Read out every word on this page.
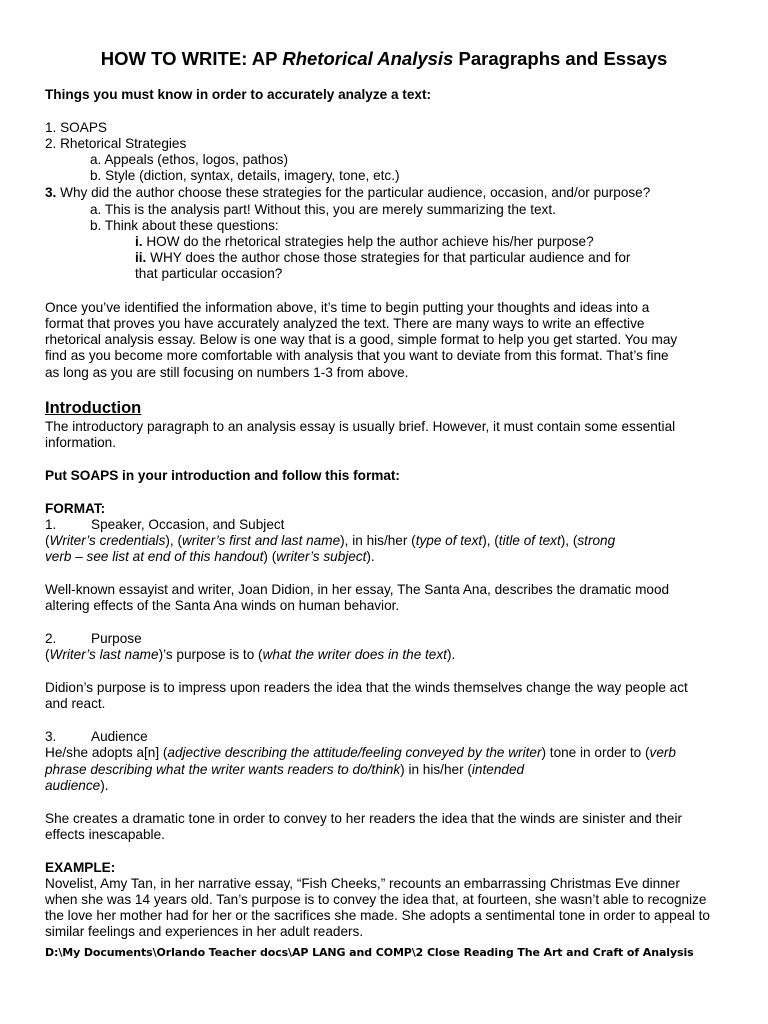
HOW TO WRITE: AP Rhetorical Analysis Paragraphs and Essays
Things you must know in order to accurately analyze a text:
1. SOAPS
2. Rhetorical Strategies
a. Appeals (ethos, logos, pathos)
b. Style (diction, syntax, details, imagery, tone, etc.)
3. Why did the author choose these strategies for the particular audience, occasion, and/or purpose?
a. This is the analysis part! Without this, you are merely summarizing the text.
b. Think about these questions:
i. HOW do the rhetorical strategies help the author achieve his/her purpose?
ii. WHY does the author chose those strategies for that particular audience and for
that particular occasion?
Once you’ve identified the information above, it’s time to begin putting your thoughts and ideas into a
format that proves you have accurately analyzed the text. There are many ways to write an effective
rhetorical analysis essay. Below is one way that is a good, simple format to help you get started. You may
find as you become more comfortable with analysis that you want to deviate from this format. That’s fine
as long as you are still focusing on numbers 1-3 from above.
Introduction
The introductory paragraph to an analysis essay is usually brief. However, it must contain some essential
information.
Put SOAPS in your introduction and follow this format:
FORMAT:
1.	Speaker, Occasion, and Subject
(Writer’s credentials), (writer’s first and last name), in his/her (type of text), (title of text), (strong
verb – see list at end of this handout) (writer’s subject).
Well-known essayist and writer, Joan Didion, in her essay, The Santa Ana, describes the dramatic mood
altering effects of the Santa Ana winds on human behavior.
2.	Purpose
(Writer’s last name)’s purpose is to (what the writer does in the text).
Didion’s purpose is to impress upon readers the idea that the winds themselves change the way people act
and react.
3.	Audience
He/she adopts a[n] (adjective describing the attitude/feeling conveyed by the writer) tone in order to (verb
phrase describing what the writer wants readers to do/think) in his/her (intended
audience).
She creates a dramatic tone in order to convey to her readers the idea that the winds are sinister and their
effects inescapable.
EXAMPLE:
Novelist, Amy Tan, in her narrative essay, “Fish Cheeks,” recounts an embarrassing Christmas Eve dinner
when she was 14 years old. Tan’s purpose is to convey the idea that, at fourteen, she wasn’t able to recognize
the love her mother had for her or the sacrifices she made. She adopts a sentimental tone in order to appeal to
similar feelings and experiences in her adult readers.
D:\My Documents\Orlando Teacher docs\AP LANG and COMP\2 Close Reading The Art and Craft of Analysis
